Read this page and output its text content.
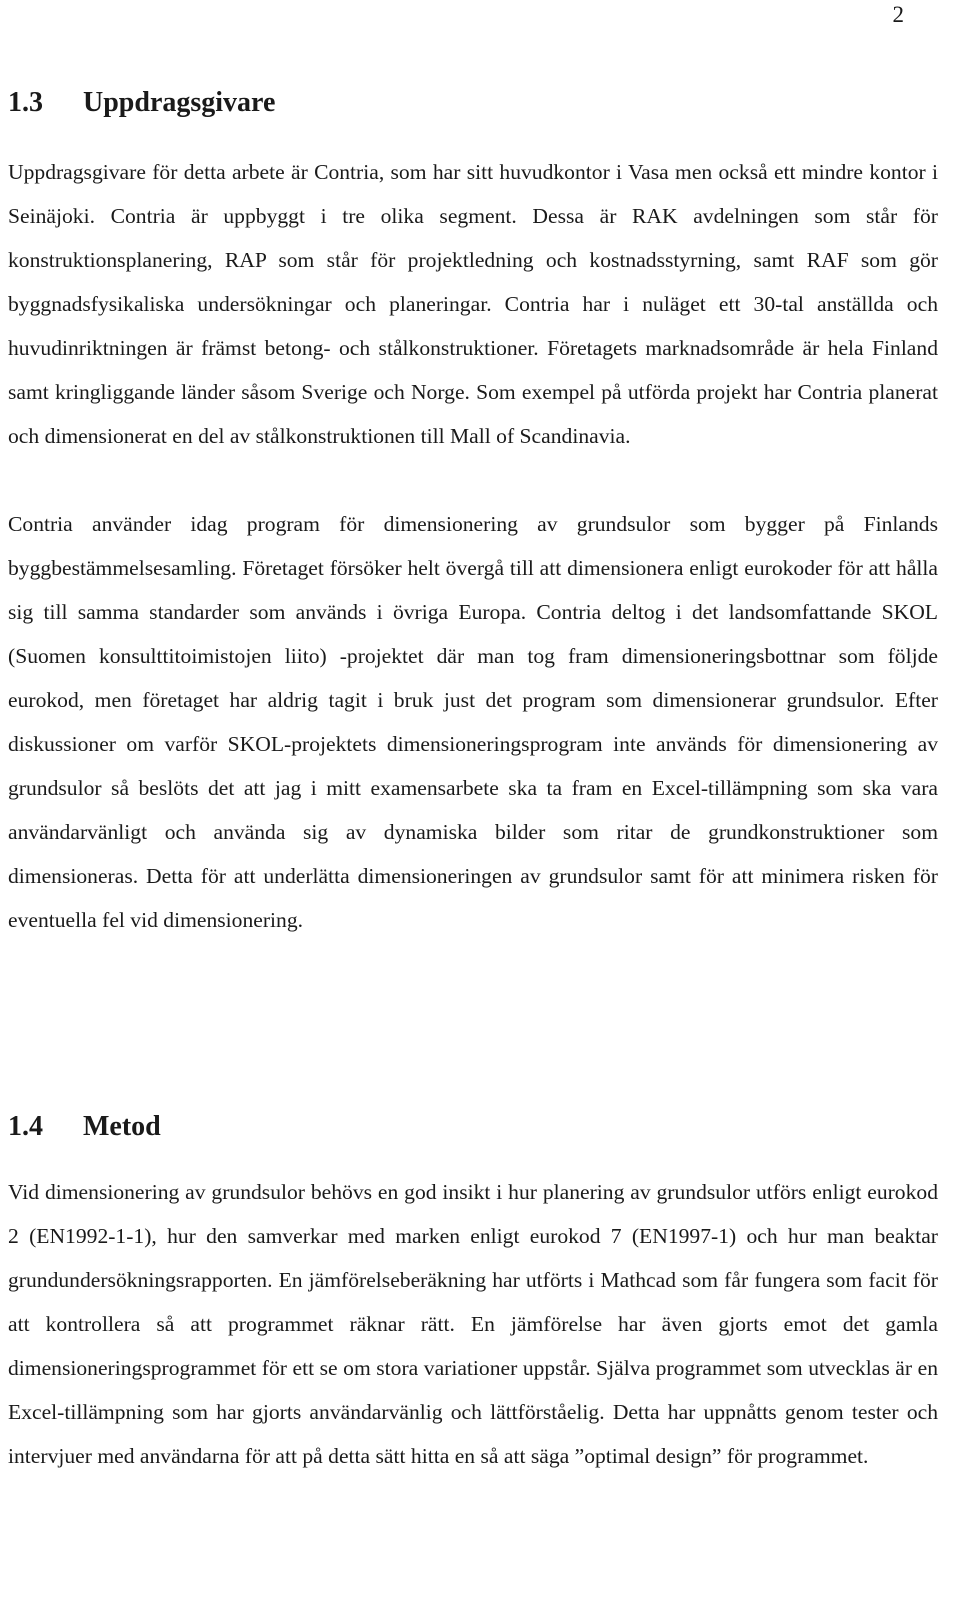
2
1.3	Uppdragsgivare

Uppdragsgivare för detta arbete är Contria, som har sitt huvudkontor i Vasa men också ett mindre kontor i Seinäjoki. Contria är uppbyggt i tre olika segment. Dessa är RAK avdelningen som står för konstruktionsplanering, RAP som står för projektledning och kostnadsstyrning, samt RAF som gör byggnadsfysikaliska undersökningar och planeringar. Contria har i nuläget ett 30-tal anställda och huvudinriktningen är främst betong- och stålkonstruktioner. Företagets marknadsområde är hela Finland samt kringliggande länder såsom Sverige och Norge. Som exempel på utförda projekt har Contria planerat och dimensionerat en del av stålkonstruktionen till Mall of Scandinavia.

Contria använder idag program för dimensionering av grundsulor som bygger på Finlands byggbestämmelsesamling. Företaget försöker helt övergå till att dimensionera enligt eurokoder för att hålla sig till samma standarder som används i övriga Europa. Contria deltog i det landsomfattande SKOL (Suomen konsulttitoimistojen liito) -projektet där man tog fram dimensioneringsbottnar som följde eurokod, men företaget har aldrig tagit i bruk just det program som dimensionerar grundsulor. Efter diskussioner om varför SKOL-projektets dimensioneringsprogram inte används för dimensionering av grundsulor så beslöts det att jag i mitt examensarbete ska ta fram en Excel-tillämpning som ska vara användarvänligt och använda sig av dynamiska bilder som ritar de grundkonstruktioner som dimensioneras. Detta för att underlätta dimensioneringen av grundsulor samt för att minimera risken för eventuella fel vid dimensionering.

1.4	Metod

Vid dimensionering av grundsulor behövs en god insikt i hur planering av grundsulor utförs enligt eurokod 2 (EN1992-1-1), hur den samverkar med marken enligt eurokod 7 (EN1997-1) och hur man beaktar grundundersökningsrapporten. En jämförelseberäkning har utförts i Mathcad som får fungera som facit för att kontrollera så att programmet räknar rätt. En jämförelse har även gjorts emot det gamla dimensioneringsprogrammet för ett se om stora variationer uppstår. Själva programmet som utvecklas är en Excel-tillämpning som har gjorts användarvänlig och lättförståelig. Detta har uppnåtts genom tester och intervjuer med användarna för att på detta sätt hitta en så att säga ”optimal design” för programmet.
